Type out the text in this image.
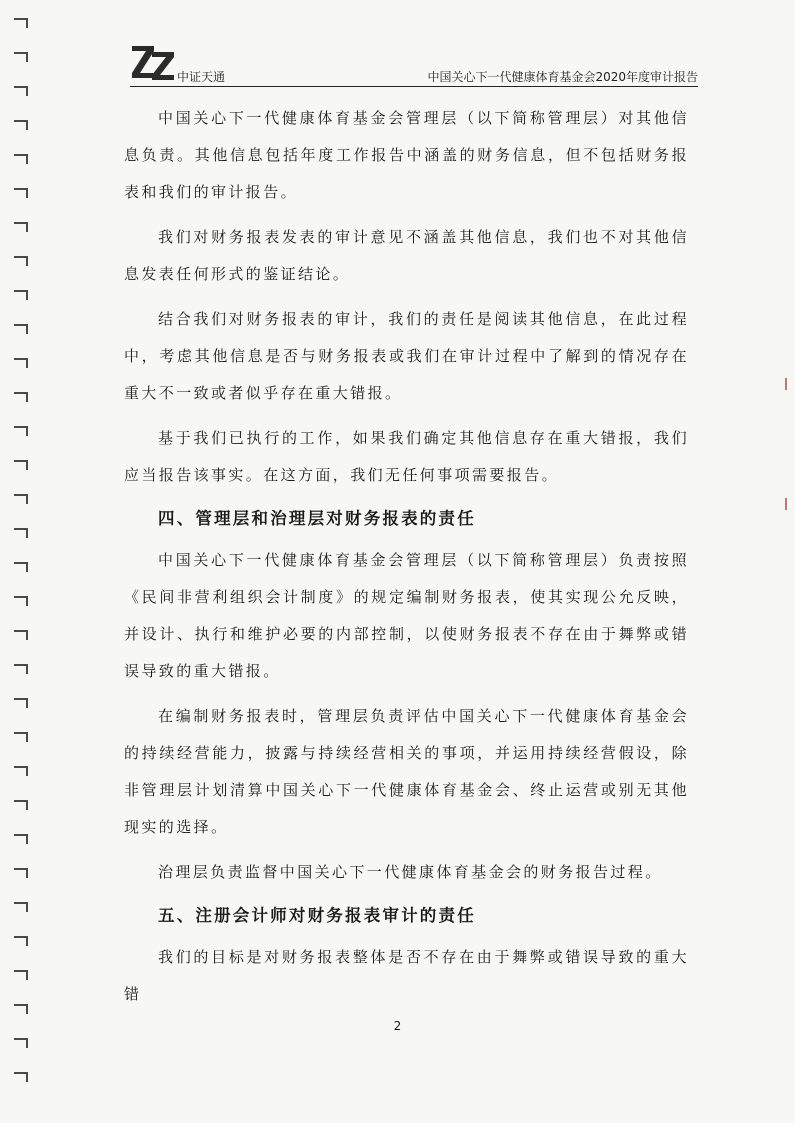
中证天通	中国关心下一代健康体育基金会2020年度审计报告

中国关心下一代健康体育基金会管理层（以下简称管理层）对其他信息负责。其他信息包括年度工作报告中涵盖的财务信息，但不包括财务报表和我们的审计报告。

我们对财务报表发表的审计意见不涵盖其他信息，我们也不对其他信息发表任何形式的鉴证结论。

结合我们对财务报表的审计，我们的责任是阅读其他信息，在此过程中，考虑其他信息是否与财务报表或我们在审计过程中了解到的情况存在重大不一致或者似乎存在重大错报。

基于我们已执行的工作，如果我们确定其他信息存在重大错报，我们应当报告该事实。在这方面，我们无任何事项需要报告。

四、管理层和治理层对财务报表的责任

中国关心下一代健康体育基金会管理层（以下简称管理层）负责按照《民间非营利组织会计制度》的规定编制财务报表，使其实现公允反映，并设计、执行和维护必要的内部控制，以使财务报表不存在由于舞弊或错误导致的重大错报。

在编制财务报表时，管理层负责评估中国关心下一代健康体育基金会的持续经营能力，披露与持续经营相关的事项，并运用持续经营假设，除非管理层计划清算中国关心下一代健康体育基金会、终止运营或别无其他现实的选择。

治理层负责监督中国关心下一代健康体育基金会的财务报告过程。

五、注册会计师对财务报表审计的责任

我们的目标是对财务报表整体是否不存在由于舞弊或错误导致的重大错

2
